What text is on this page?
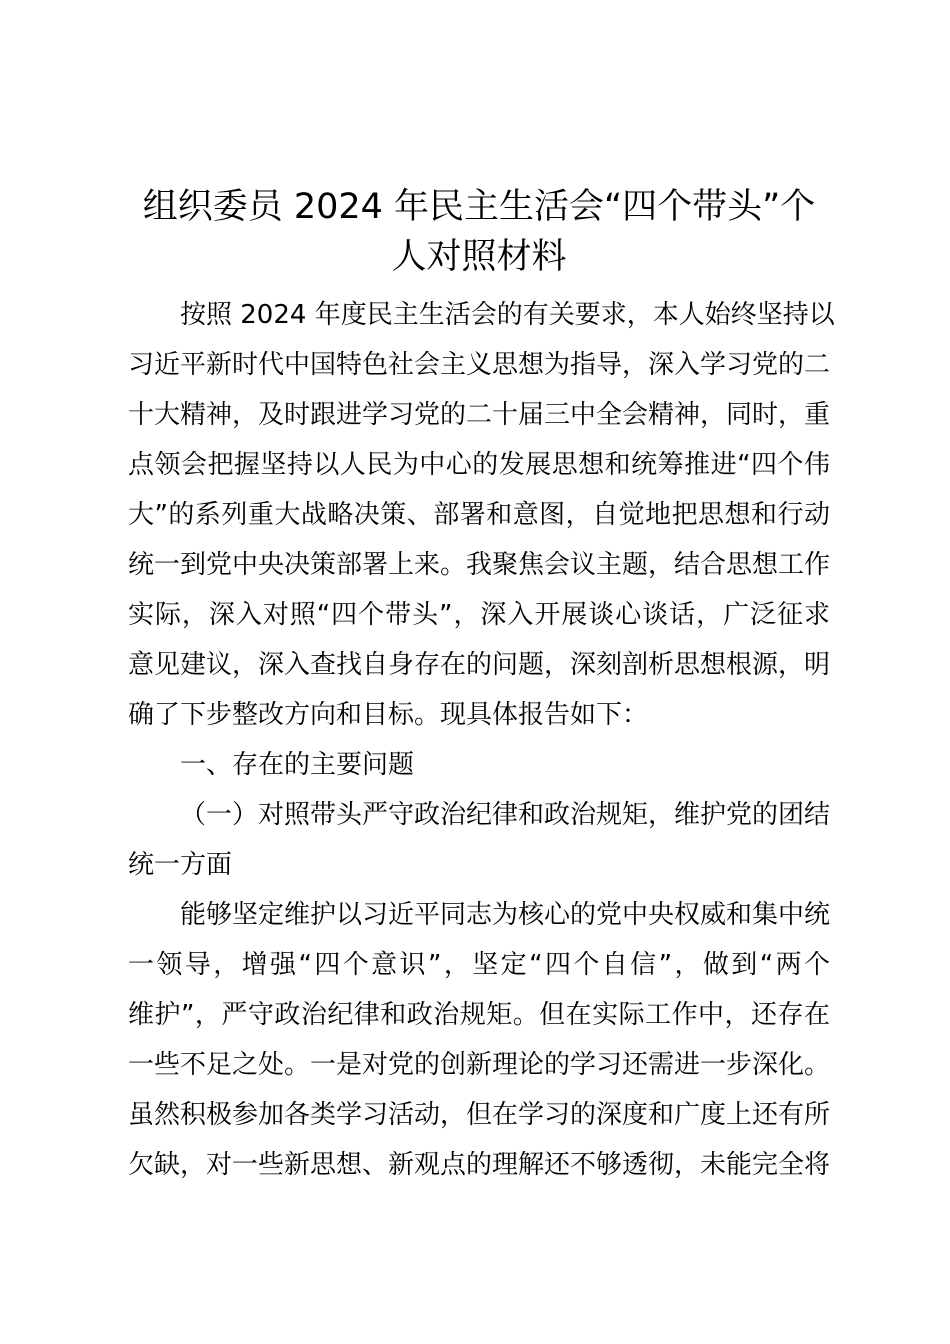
组织委员 2024 年民主生活会“四个带头”个
人对照材料

按照 2024 年度民主生活会的有关要求，本人始终坚持以
习近平新时代中国特色社会主义思想为指导，深入学习党的二
十大精神，及时跟进学习党的二十届三中全会精神，同时，重
点领会把握坚持以人民为中心的发展思想和统筹推进“四个伟
大”的系列重大战略决策、部署和意图，自觉地把思想和行动
统一到党中央决策部署上来。我聚焦会议主题，结合思想工作
实际，深入对照“四个带头”，深入开展谈心谈话，广泛征求
意见建议，深入查找自身存在的问题，深刻剖析思想根源，明
确了下步整改方向和目标。现具体报告如下：

一、存在的主要问题

（一）对照带头严守政治纪律和政治规矩，维护党的团结
统一方面

能够坚定维护以习近平同志为核心的党中央权威和集中统
一领导，增强“四个意识”，坚定“四个自信”，做到“两个
维护”，严守政治纪律和政治规矩。但在实际工作中，还存在
一些不足之处。一是对党的创新理论的学习还需进一步深化。
虽然积极参加各类学习活动，但在学习的深度和广度上还有所
欠缺，对一些新思想、新观点的理解还不够透彻，未能完全将
